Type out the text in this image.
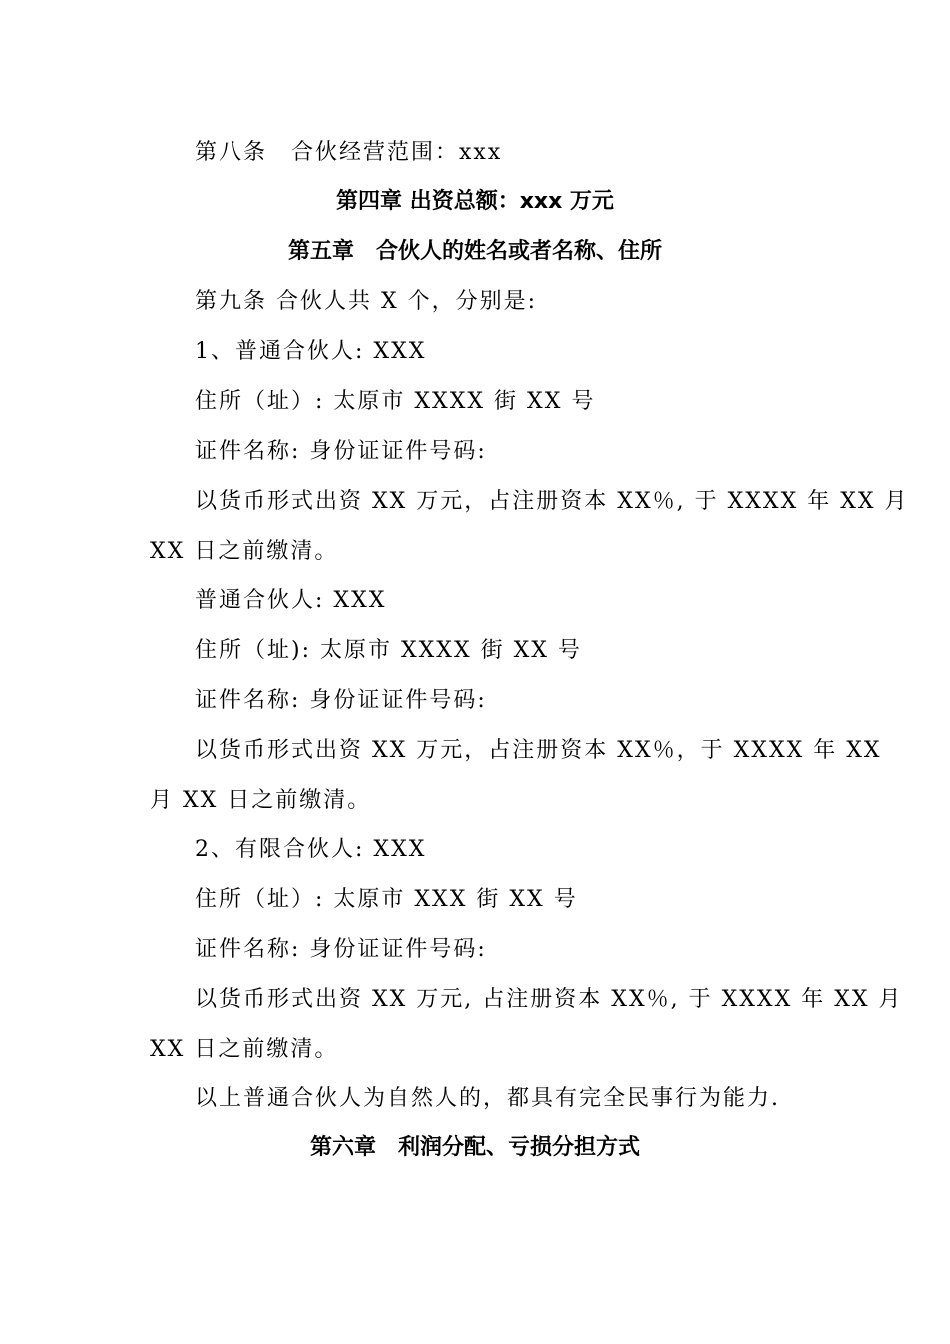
第八条　合伙经营范围：xxx
第四章 出资总额：xxx 万元
第五章　合伙人的姓名或者名称、住所
第九条 合伙人共 X 个，分别是:
1、普通合伙人: XXX
住所（址）: 太原市 XXXX 街 XX 号
证件名称: 身份证证件号码:
以货币形式出资 XX 万元，占注册资本 XX％, 于 XXXX 年 XX 月
XX 日之前缴清。
普通合伙人: XXX
住所（址): 太原市 XXXX 街 XX 号
证件名称: 身份证证件号码:
以货币形式出资 XX 万元，占注册资本 XX％，于 XXXX 年 XX
月 XX 日之前缴清。
2、有限合伙人: XXX
住所（址）: 太原市 XXX 街 XX 号
证件名称: 身份证证件号码:
以货币形式出资 XX 万元, 占注册资本 XX％, 于 XXXX 年 XX 月
XX 日之前缴清。
以上普通合伙人为自然人的，都具有完全民事行为能力.
第六章　利润分配、亏损分担方式
